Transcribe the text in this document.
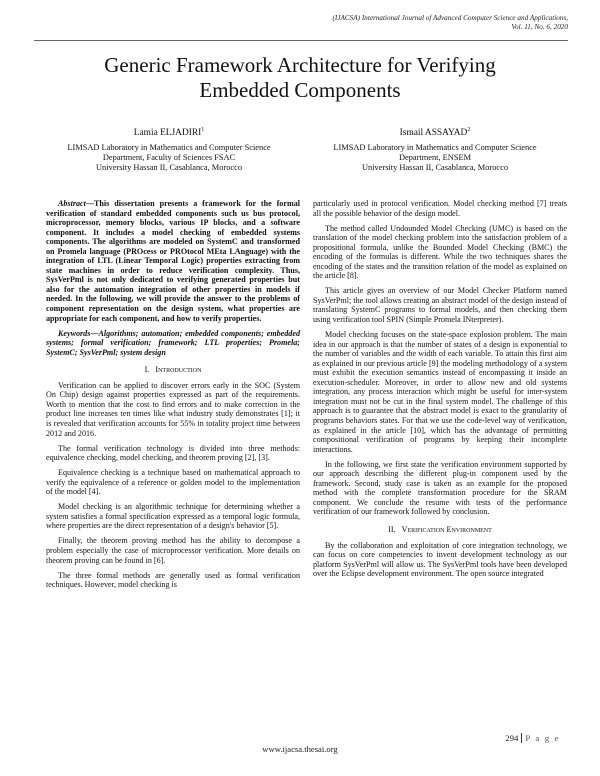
(IJACSA) International Journal of Advanced Computer Science and Applications,
Vol. 11, No. 6, 2020
Generic Framework Architecture for Verifying
Embedded Components
Lamia ELJADIRI$^1$
LIMSAD Laboratory in Mathematics and Computer Science
Department, Faculty of Sciences FSAC
University Hassan II, Casablanca, Morocco
Ismail ASSAYAD$^2$
LIMSAD Laboratory in Mathematics and Computer Science
Department, ENSEM
University Hassan II, Casablanca, Morocco

Abstract—This dissertation presents a framework for the formal verification of standard embedded components such us bus protocol, microprocessor, memory blocks, various IP blocks, and a software component. It includes a model checking of embedded systems components. The algorithms are modeled on SystemC and transformed on Promela language (PROcess or PROtocol MEta LAnguage) with the integration of LTL (Linear Temporal Logic) properties extracting from state machines in order to reduce verification complexity. Thus, SysVerPml is not only dedicated to verifying generated properties but also for the automation integration of other properties in models if needed. In the following, we will provide the answer to the problems of component representation on the design system, what properties are appropriate for each component, and how to verify properties.

Keywords—Algorithms; automation; embedded components; embedded systems; formal verification; framework; LTL properties; Promela; SystemC; SysVerPml; system design

I. Introduction

Verification can be applied to discover errors early in the SOC (System On Chip) design against properties expressed as part of the requirements. Worth to mention that the cost to find errors and to make correction in the product line increases ten times like what industry study demonstrates [1]; it is revealed that verification accounts for 55% in totality project time between 2012 and 2016.

The formal verification technology is divided into three methods: equivalence checking, model checking, and theorem proving [2], [3].

Equivalence checking is a technique based on mathematical approach to verify the equivalence of a reference or golden model to the implementation of the model [4].

Model checking is an algorithmic technique for determining whether a system satisfies a formal specification expressed as a temporal logic formula, where properties are the direct representation of a design's behavior [5].

Finally, the theorem proving method has the ability to decompose a problem especially the case of microprocessor verification. More details on theorem proving can be found in [6].

The three formal methods are generally used as formal verification techniques. However, model checking is

particularly used in protocol verification. Model checking method [7] treats all the possible behavior of the design model.

The method called Undounded Model Checking (UMC) is based on the translation of the model checking problem into the satisfaction problem of a propositional formula, unlike the Bounded Model Checking (BMC) the encoding of the formulas is different. While the two techniques shares the encoding of the states and the transition relation of the model as explained on the article [8].

This article gives an overview of our Model Checker Platform named SysVerPml; the tool allows creating an abstract model of the design instead of translating SystemC programs to formal models, and then checking them using verification tool SPIN (Simple Promela INterpreter).

Model checking focuses on the state-space explosion problem. The main idea in our approach is that the number of states of a design is exponential to the number of variables and the width of each variable. To attain this first aim as explained in our previous article [9] the modeling methodology of a system must exhibit the execution semantics instead of encompassing it inside an execution-scheduler. Moreover, in order to allow new and old systems integration, any process interaction which might be useful for inter-system integration must not be cut in the final system model. The challenge of this approach is to guarantee that the abstract model is exact to the granularity of programs behaviors states. For that we use the code-level way of verification, as explained in the article [10], which has the advantage of permitting compositional verification of programs by keeping their incomplete interactions.

In the following, we first state the verification environment supported by our approach describing the different plug-in component used by the framework. Second, study case is taken as an example for the proposed method with the complete transformation procedure for the SRAM component. We conclude the resume with tests of the performance verification of our framework followed by conclusion.

II. Verification Environment

By the collaboration and exploitation of core integration technology, we can focus on core competencies to invent development technology as our platform SysVerPml will allow us. The SysVerPml tools have been developed over the Eclipse development environment. The open source integrated

294 P a g e
www.ijacsa.thesai.org
